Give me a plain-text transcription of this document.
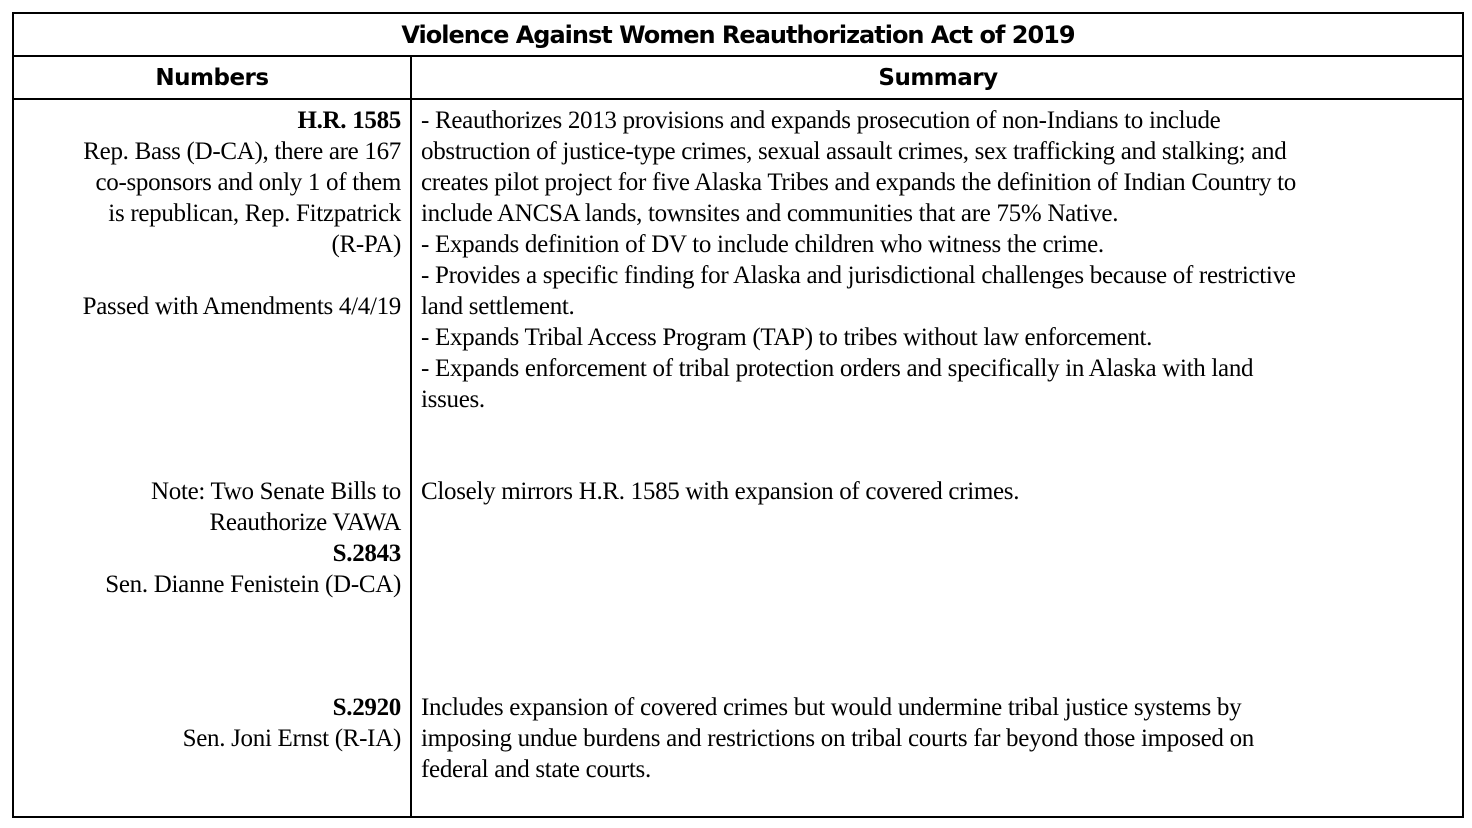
Violence Against Women Reauthorization Act of 2019
Numbers	Summary
H.R. 1585
Rep. Bass (D-CA), there are 167
co-sponsors and only 1 of them
is republican, Rep. Fitzpatrick
(R-PA)

Passed with Amendments 4/4/19
- Reauthorizes 2013 provisions and expands prosecution of non-Indians to include
obstruction of justice-type crimes, sexual assault crimes, sex trafficking and stalking; and
creates pilot project for five Alaska Tribes and expands the definition of Indian Country to
include ANCSA lands, townsites and communities that are 75% Native.
- Expands definition of DV to include children who witness the crime.
- Provides a specific finding for Alaska and jurisdictional challenges because of restrictive
land settlement.
- Expands Tribal Access Program (TAP) to tribes without law enforcement.
- Expands enforcement of tribal protection orders and specifically in Alaska with land
issues.
Note: Two Senate Bills to
Reauthorize VAWA
S.2843
Sen. Dianne Fenistein (D-CA)
Closely mirrors H.R. 1585 with expansion of covered crimes.
S.2920
Sen. Joni Ernst (R-IA)
Includes expansion of covered crimes but would undermine tribal justice systems by
imposing undue burdens and restrictions on tribal courts far beyond those imposed on
federal and state courts.
